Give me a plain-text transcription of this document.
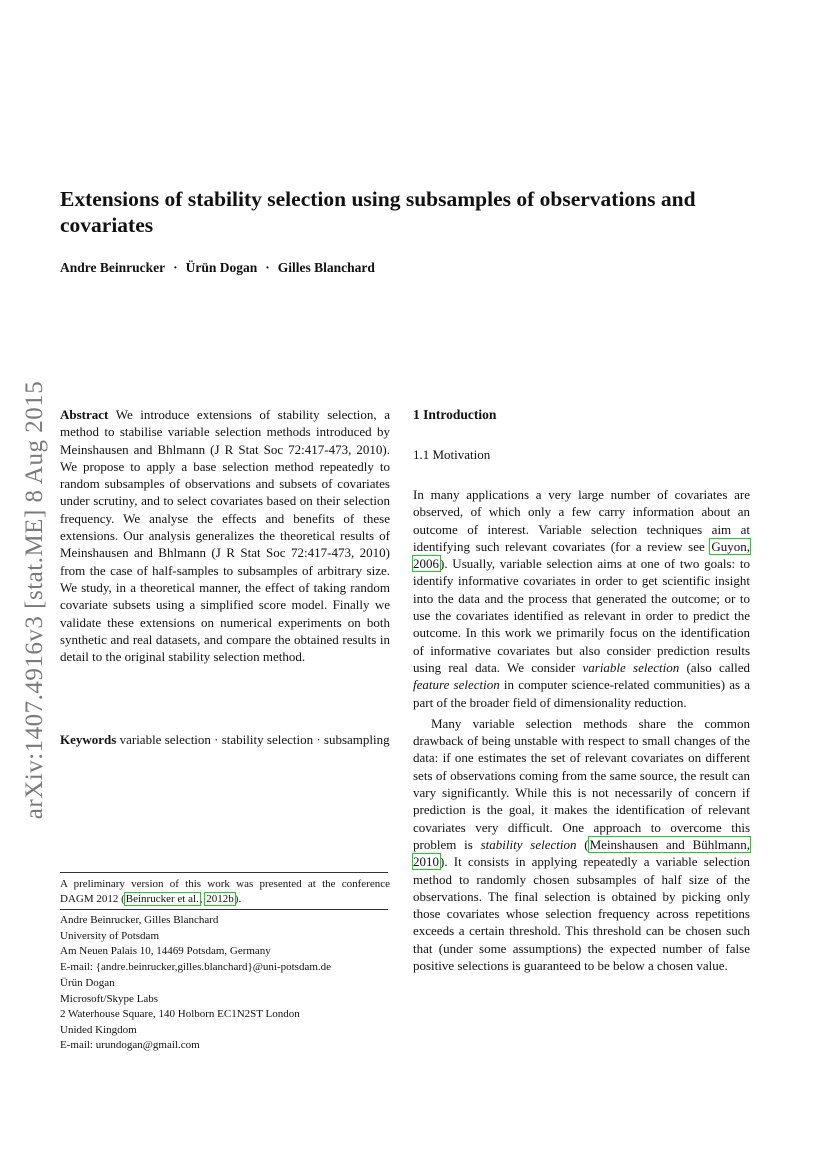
arXiv:1407.4916v3 [stat.ME] 8 Aug 2015
Extensions of stability selection using subsamples of observations and covariates
Andre Beinrucker · Ürün Dogan · Gilles Blanchard

Abstract We introduce extensions of stability selection, a method to stabilise variable selection methods introduced by Meinshausen and Bhlmann (J R Stat Soc 72:417-473, 2010). We propose to apply a base selection method repeatedly to random subsamples of observations and subsets of covariates under scrutiny, and to select covariates based on their selection frequency. We analyse the effects and benefits of these extensions. Our analysis generalizes the theoretical results of Meinshausen and Bhlmann (J R Stat Soc 72:417-473, 2010) from the case of half-samples to subsamples of arbitrary size. We study, in a theoretical manner, the effect of taking random covariate subsets using a simplified score model. Finally we validate these extensions on numerical experiments on both synthetic and real datasets, and compare the obtained results in detail to the original stability selection method.

Keywords variable selection · stability selection · subsampling

A preliminary version of this work was presented at the conference DAGM 2012 (Beinrucker et al., 2012b).
Andre Beinrucker, Gilles Blanchard
University of Potsdam
Am Neuen Palais 10, 14469 Potsdam, Germany
E-mail: {andre.beinrucker,gilles.blanchard}@uni-potsdam.de
Ürün Dogan
Microsoft/Skype Labs
2 Waterhouse Square, 140 Holborn EC1N2ST London
Unided Kingdom
E-mail: urundogan@gmail.com
1 Introduction
1.1 Motivation

In many applications a very large number of covariates are observed, of which only a few carry information about an outcome of interest. Variable selection techniques aim at identifying such relevant covariates (for a review see Guyon, 2006). Usually, variable selection aims at one of two goals: to identify informative covariates in order to get scientific insight into the data and the process that generated the outcome; or to use the covariates identified as relevant in order to predict the outcome. In this work we primarily focus on the identification of informative covariates but also consider prediction results using real data. We consider variable selection (also called feature selection in computer science-related communities) as a part of the broader field of dimensionality reduction.

Many variable selection methods share the common drawback of being unstable with respect to small changes of the data: if one estimates the set of relevant covariates on different sets of observations coming from the same source, the result can vary significantly. While this is not necessarily of concern if prediction is the goal, it makes the identification of relevant covariates very difficult. One approach to overcome this problem is stability selection (Meinshausen and Bühlmann, 2010). It consists in applying repeatedly a variable selection method to randomly chosen subsamples of half size of the observations. The final selection is obtained by picking only those covariates whose selection frequency across repetitions exceeds a certain threshold. This threshold can be chosen such that (under some assumptions) the expected number of false positive selections is guaranteed to be below a chosen value.
